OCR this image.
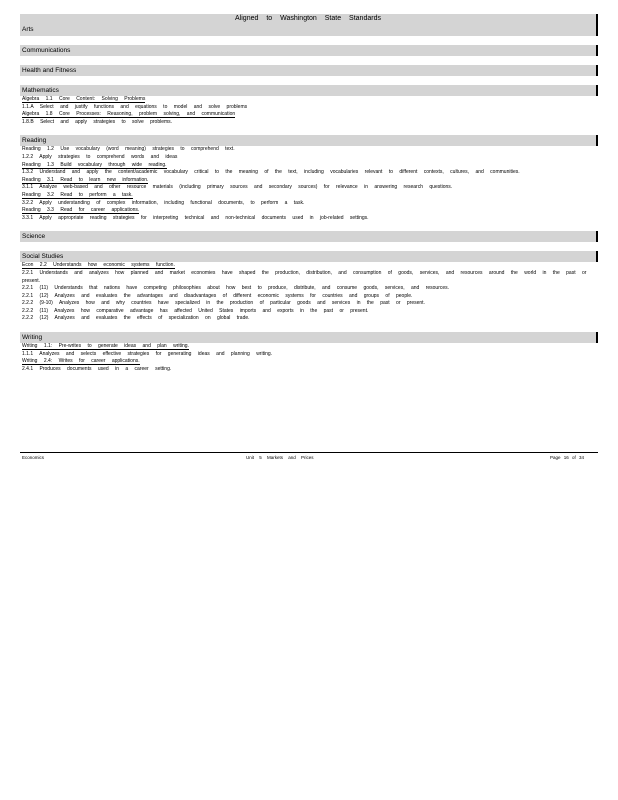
Aligned to Washington State Standards
Arts
Communications
Health and Fitness
Mathematics
Algebra 1.1 Core Content: Solving Problems
1.1.A Select and justify functions and equations to model and solve problems
Algebra 1.8 Core Processes: Reasoning, problem solving, and communication
1.8.B Select and apply strategies to solve problems.
Reading
Reading 1.2 Use vocabulary (word meaning) strategies to comprehend text.
1.2.2 Apply strategies to comprehend words and ideas
Reading 1.3 Build vocabulary through wide reading.
1.3.2 Understand and apply the content/academic vocabulary critical to the meaning of the text, including vocabularies relevant to different contexts, cultures, and communities.
Reading 3.1 Read to learn new information.
3.1.1 Analyze web-based and other resource materials (including primary sources and secondary sources) for relevance in answering research questions.
Reading 3.2 Read to perform a task.
3.2.2 Apply understanding of complex information, including functional documents, to perform a task.
Reading 3.3 Read for career applications.
3.3.1 Apply appropriate reading strategies for interpreting technical and non-technical documents used in job-related settings.
Science
Social Studies
Econ 2.2 Understands how economic systems function.
2.2.1 Understands and analyzes how planned and market economies have shaped the production, distribution, and consumption of goods, services, and resources around the world in the past or present.
2.2.1 (11) Understands that nations have competing philosophies about how best to produce, distribute, and consume goods, services, and resources.
2.2.1 (12) Analyzes and evaluates the advantages and disadvantages of different economic systems for countries and groups of people.
2.2.2 (9-10) Analyzes how and why countries have specialized in the production of particular goods and services in the past or present.
2.2.2 (11) Analyzes how comparative advantage has affected United States imports and exports in the past or present.
2.2.2 (12) Analyzes and evaluates the effects of specialization on global trade.
Writing
Writing 1.1: Pre-writes to generate ideas and plan writing.
1.1.1 Analyzes and selects effective strategies for generating ideas and planning writing.
Writing 2.4: Writes for career applications.
2.4.1 Produces documents used in a career setting.
Economics	Unit 5 Markets and Prices	Page 16 of 34
